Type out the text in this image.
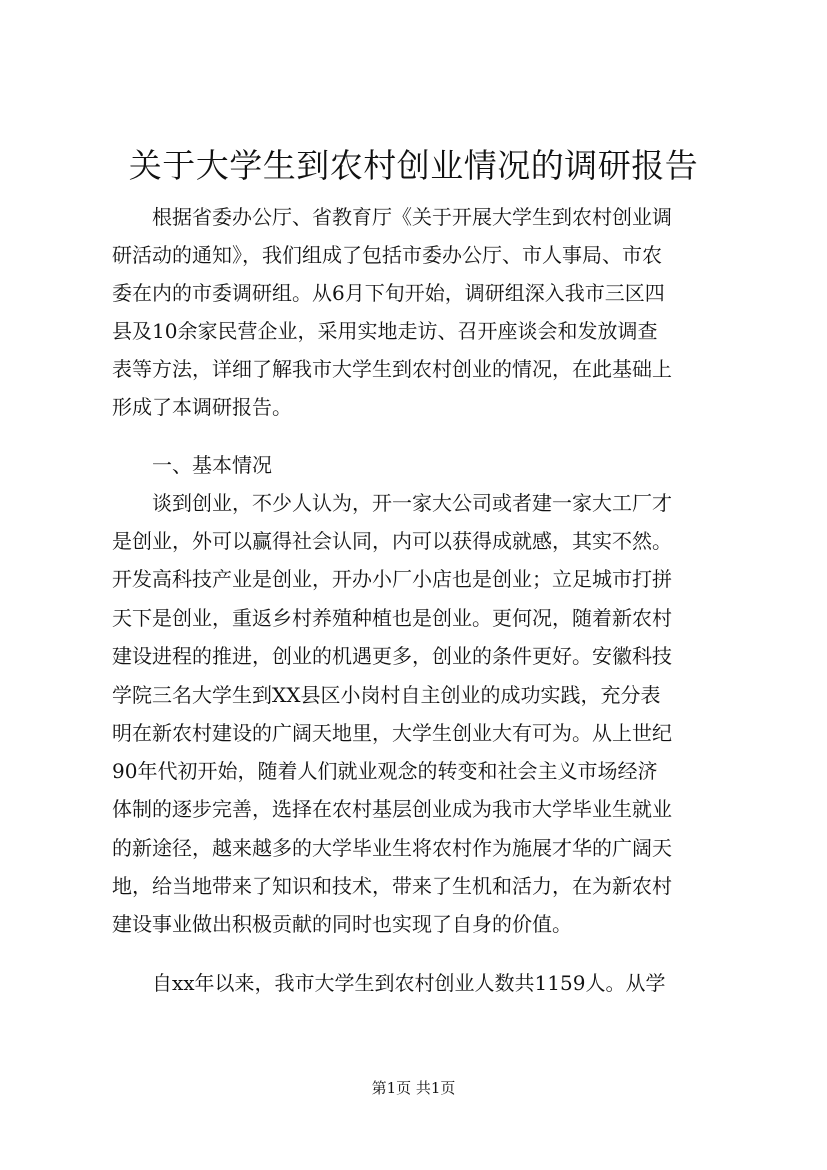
关于大学生到农村创业情况的调研报告
　　根据省委办公厅、省教育厅《关于开展大学生到农村创业调
研活动的通知》，我们组成了包括市委办公厅、市人事局、市农
委在内的市委调研组。从6月下旬开始，调研组深入我市三区四
县及10余家民营企业，采用实地走访、召开座谈会和发放调查
表等方法，详细了解我市大学生到农村创业的情况，在此基础上
形成了本调研报告。
　　一、基本情况
　　谈到创业，不少人认为，开一家大公司或者建一家大工厂才
是创业，外可以赢得社会认同，内可以获得成就感，其实不然。
开发高科技产业是创业，开办小厂小店也是创业；立足城市打拼
天下是创业，重返乡村养殖种植也是创业。更何况，随着新农村
建设进程的推进，创业的机遇更多，创业的条件更好。安徽科技
学院三名大学生到XX县区小岗村自主创业的成功实践，充分表
明在新农村建设的广阔天地里，大学生创业大有可为。从上世纪
90年代初开始，随着人们就业观念的转变和社会主义市场经济
体制的逐步完善，选择在农村基层创业成为我市大学毕业生就业
的新途径，越来越多的大学毕业生将农村作为施展才华的广阔天
地，给当地带来了知识和技术，带来了生机和活力，在为新农村
建设事业做出积极贡献的同时也实现了自身的价值。
　　自xx年以来，我市大学生到农村创业人数共1159人。从学
第1页 共1页
